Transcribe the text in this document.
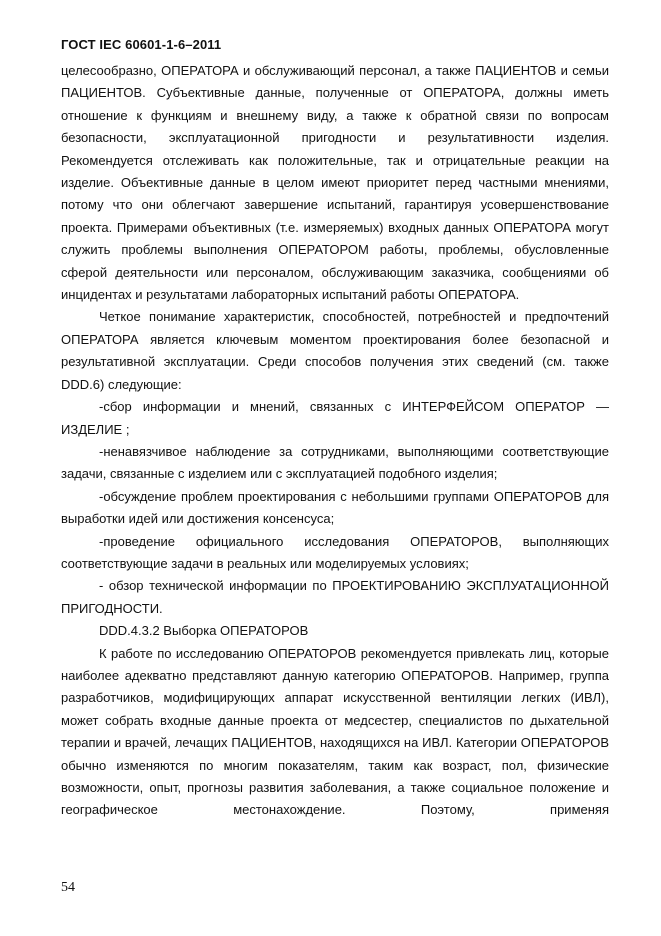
ГОСТ IEC 60601-1-6–2011

целесообразно, ОПЕРАТОРА и обслуживающий персонал, а также ПАЦИЕНТОВ и семьи ПАЦИЕНТОВ. Субъективные данные, полученные от ОПЕРАТОРА, должны иметь отношение к функциям и внешнему виду, а также к обратной связи по вопросам безопасности, эксплуатационной пригодности и результативности изделия. Рекомендуется отслеживать как положительные, так и отрицательные реакции на изделие. Объективные данные в целом имеют приоритет перед частными мнениями, потому что они облегчают завершение испытаний, гарантируя усовершенствование проекта. Примерами объективных (т.е. измеряемых) входных данных ОПЕРАТОРА могут служить проблемы выполнения ОПЕРАТОРОМ работы, проблемы, обусловленные сферой деятельности или персоналом, обслуживающим заказчика, сообщениями об инцидентах и результатами лабораторных испытаний работы ОПЕРАТОРА.

Четкое понимание характеристик, способностей, потребностей и предпочтений ОПЕРАТОРА является ключевым моментом проектирования более безопасной и результативной эксплуатации. Среди способов получения этих сведений (см. также DDD.6) следующие:

-сбор информации и мнений, связанных с ИНТЕРФЕЙСОМ ОПЕРАТОР — ИЗДЕЛИЕ ;

-ненавязчивое наблюдение за сотрудниками, выполняющими соответствующие задачи, связанные с изделием или с эксплуатацией подобного изделия;

-обсуждение проблем проектирования с небольшими группами ОПЕРАТОРОВ для выработки идей или достижения консенсуса;

-проведение официального исследования ОПЕРАТОРОВ, выполняющих соответствующие задачи в реальных или моделируемых условиях;

- обзор технической информации по ПРОЕКТИРОВАНИЮ ЭКСПЛУАТАЦИОННОЙ ПРИГОДНОСТИ.

DDD.4.3.2 Выборка ОПЕРАТОРОВ

К работе по исследованию ОПЕРАТОРОВ рекомендуется привлекать лиц, которые наиболее адекватно представляют данную категорию ОПЕРАТОРОВ. Например, группа разработчиков, модифицирующих аппарат искусственной вентиляции легких (ИВЛ), может собрать входные данные проекта от медсестер, специалистов по дыхательной терапии и врачей, лечащих ПАЦИЕНТОВ, находящихся на ИВЛ. Категории ОПЕРАТОРОВ обычно изменяются по многим показателям, таким как возраст, пол, физические возможности, опыт, прогнозы развития заболевания, а также социальное положение и географическое местонахождение. Поэтому, применяя

54
